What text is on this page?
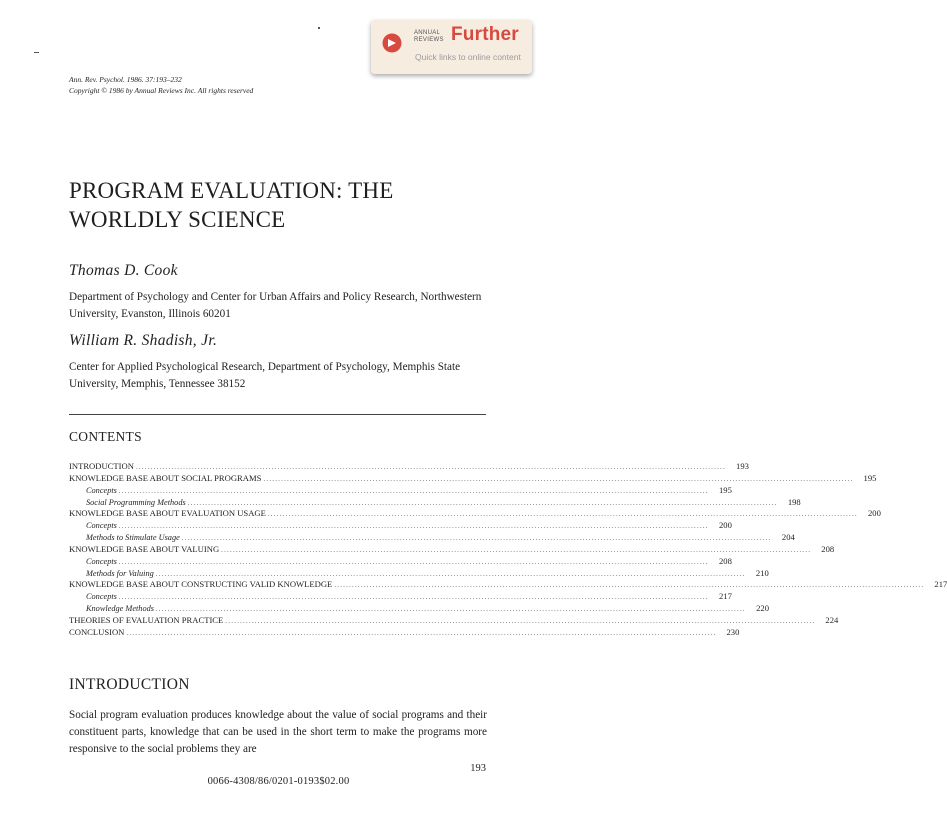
ANNUAL REVIEWS Further
Quick links to online content
Ann. Rev. Psychol. 1986. 37:193–232
Copyright © 1986 by Annual Reviews Inc. All rights reserved
PROGRAM EVALUATION: THE
WORLDLY SCIENCE
Thomas D. Cook
Department of Psychology and Center for Urban Affairs and Policy Research, Northwestern University, Evanston, Illinois 60201
William R. Shadish, Jr.
Center for Applied Psychological Research, Department of Psychology, Memphis State University, Memphis, Tennessee 38152
CONTENTS
INTRODUCTION ........................................................................................................................................................................................................	193
KNOWLEDGE BASE ABOUT SOCIAL PROGRAMS ........................................................................................................................................................................................................	195
Concepts ........................................................................................................................................................................................................	195
Social Programming Methods ........................................................................................................................................................................................................	198
KNOWLEDGE BASE ABOUT EVALUATION USAGE ........................................................................................................................................................................................................	200
Concepts ........................................................................................................................................................................................................	200
Methods to Stimulate Usage ........................................................................................................................................................................................................	204
KNOWLEDGE BASE ABOUT VALUING ........................................................................................................................................................................................................	208
Concepts ........................................................................................................................................................................................................	208
Methods for Valuing ........................................................................................................................................................................................................	210
KNOWLEDGE BASE ABOUT CONSTRUCTING VALID KNOWLEDGE ........................................................................................................................................................................................................	217
Concepts ........................................................................................................................................................................................................	217
Knowledge Methods ........................................................................................................................................................................................................	220
THEORIES OF EVALUATION PRACTICE ........................................................................................................................................................................................................	224
CONCLUSION ........................................................................................................................................................................................................	230
INTRODUCTION

Social program evaluation produces knowledge about the value of social programs and their constituent parts, knowledge that can be used in the short term to make the programs more responsive to the social problems they are

193
0066-4308/86/0201-0193$02.00
